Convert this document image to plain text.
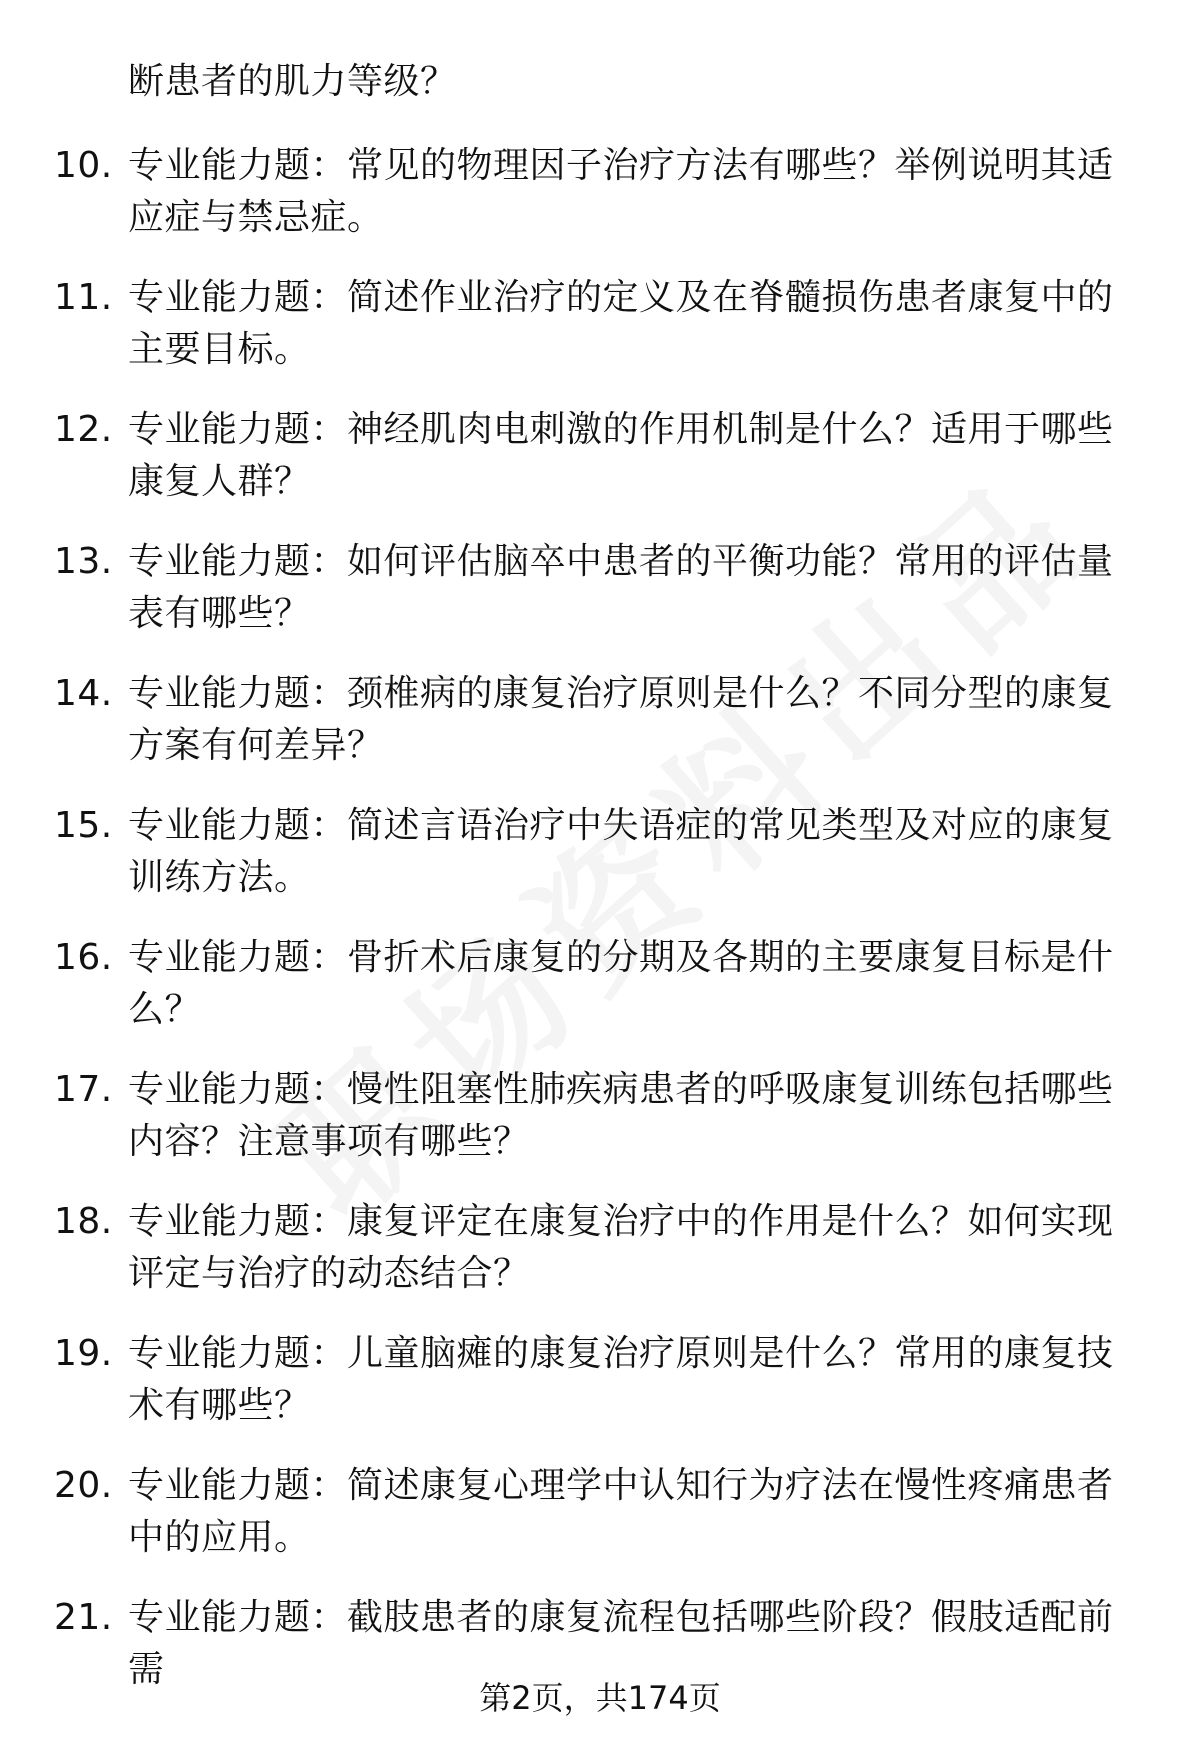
断患者的肌力等级？
10. 专业能力题：常见的物理因子治疗方法有哪些？举例说明其适应症与禁忌症。
11. 专业能力题：简述作业治疗的定义及在脊髓损伤患者康复中的主要目标。
12. 专业能力题：神经肌肉电刺激的作用机制是什么？适用于哪些康复人群？
13. 专业能力题：如何评估脑卒中患者的平衡功能？常用的评估量表有哪些？
14. 专业能力题：颈椎病的康复治疗原则是什么？不同分型的康复方案有何差异？
15. 专业能力题：简述言语治疗中失语症的常见类型及对应的康复训练方法。
16. 专业能力题：骨折术后康复的分期及各期的主要康复目标是什么？
17. 专业能力题：慢性阻塞性肺疾病患者的呼吸康复训练包括哪些内容？注意事项有哪些？
18. 专业能力题：康复评定在康复治疗中的作用是什么？如何实现评定与治疗的动态结合？
19. 专业能力题：儿童脑瘫的康复治疗原则是什么？常用的康复技术有哪些？
20. 专业能力题：简述康复心理学中认知行为疗法在慢性疼痛患者中的应用。
21. 专业能力题：截肢患者的康复流程包括哪些阶段？假肢适配前需
第2页，共174页
